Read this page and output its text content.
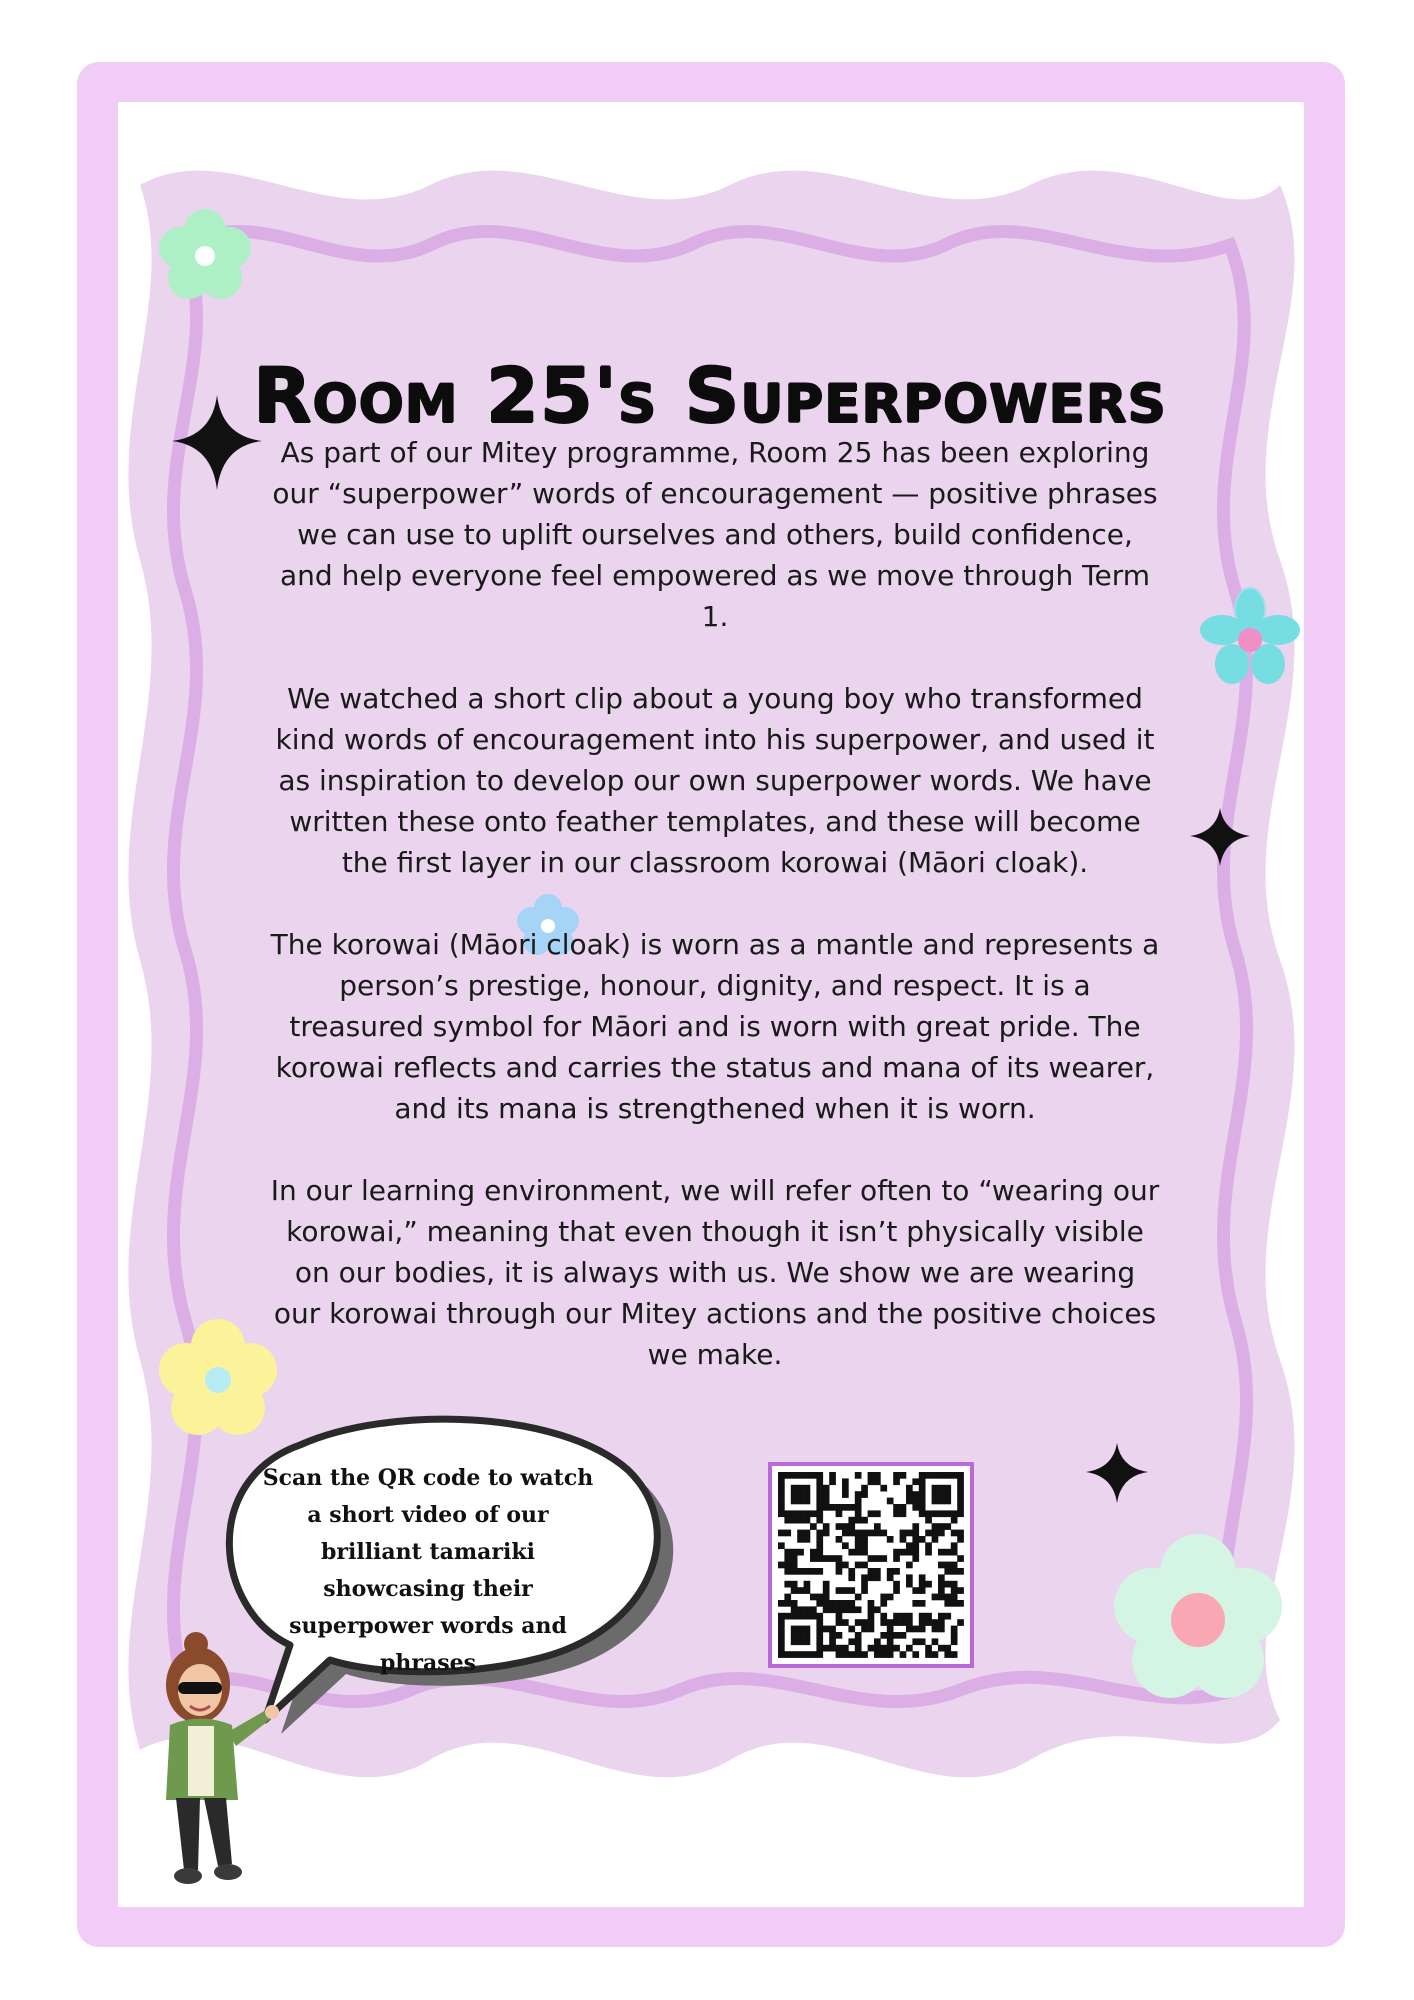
Room 25's Superpowers

As part of our Mitey programme, Room 25 has been exploring our “superpower” words of encouragement — positive phrases we can use to uplift ourselves and others, build confidence, and help everyone feel empowered as we move through Term 1.

We watched a short clip about a young boy who transformed kind words of encouragement into his superpower, and used it as inspiration to develop our own superpower words. We have written these onto feather templates, and these will become the first layer in our classroom korowai (Māori cloak).

The korowai (Māori cloak) is worn as a mantle and represents a person’s prestige, honour, dignity, and respect. It is a treasured symbol for Māori and is worn with great pride. The korowai reflects and carries the status and mana of its wearer, and its mana is strengthened when it is worn.

In our learning environment, we will refer often to “wearing our korowai,” meaning that even though it isn’t physically visible on our bodies, it is always with us. We show we are wearing our korowai through our Mitey actions and the positive choices we make.

Scan the QR code to watch a short video of our brilliant tamariki showcasing their superpower words and phrases
